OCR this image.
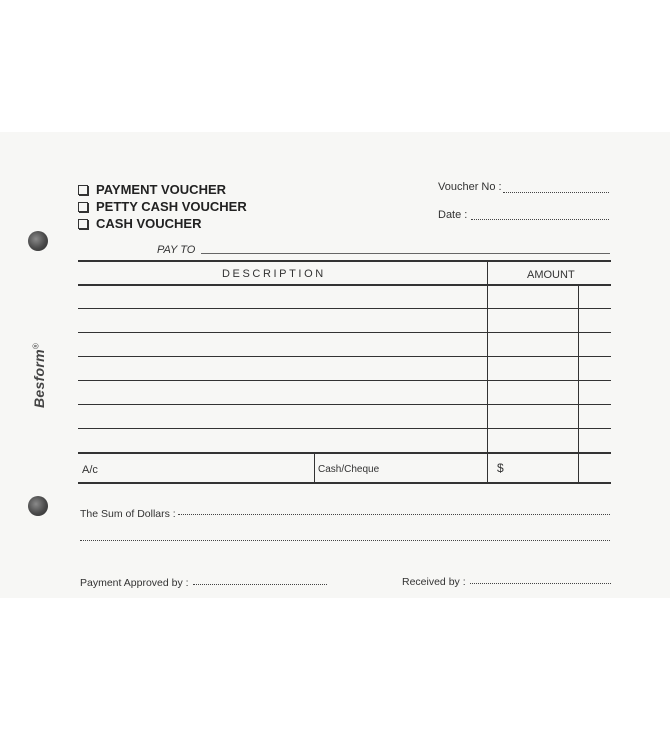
Besform®
PAYMENT VOUCHER
PETTY CASH VOUCHER
CASH VOUCHER
Voucher No :
Date :
PAY TO
DESCRIPTION	AMOUNT
A/c	Cash/Cheque	$
The Sum of Dollars :
Payment Approved by :	Received by :
